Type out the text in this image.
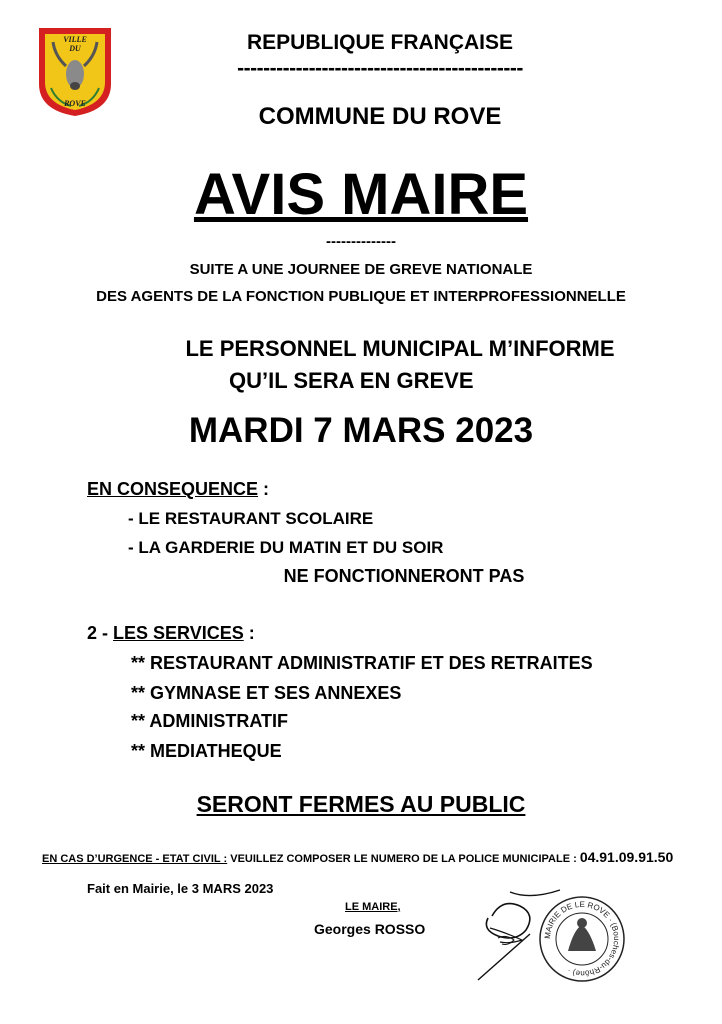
VILLE
DU
ROVE
REPUBLIQUE FRANÇAISE
--------------------------------------------
COMMUNE DU ROVE
AVIS MAIRE
--------------
SUITE A UNE JOURNEE DE GREVE NATIONALE
DES AGENTS DE LA FONCTION PUBLIQUE ET INTERPROFESSIONNELLE
LE PERSONNEL MUNICIPAL M’INFORME
QU’IL SERA EN GREVE
MARDI 7 MARS 2023
EN CONSEQUENCE :
- LE RESTAURANT SCOLAIRE
- LA GARDERIE DU MATIN ET DU SOIR
NE FONCTIONNERONT PAS
2 - LES SERVICES :
** RESTAURANT ADMINISTRATIF ET DES RETRAITES
** GYMNASE ET SES ANNEXES
** ADMINISTRATIF
** MEDIATHEQUE
SERONT FERMES AU PUBLIC
EN CAS D’URGENCE - ETAT CIVIL : VEUILLEZ COMPOSER LE NUMERO DE LA POLICE MUNICIPALE : 04.91.09.91.50
Fait en Mairie, le 3 MARS 2023
LE MAIRE,
Georges ROSSO	MAIRIE DE LE ROVE · (Bouches-du-Rhône) ·
